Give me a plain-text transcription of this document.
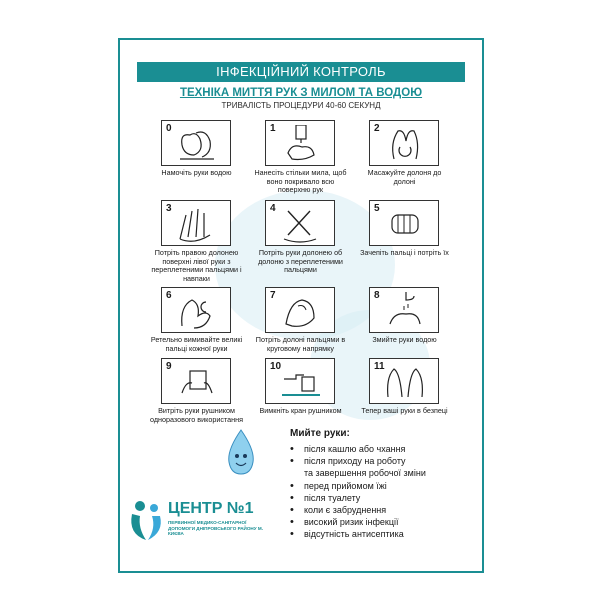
ІНФЕКЦІЙНИЙ КОНТРОЛЬ
ТЕХНІКА МИТТЯ РУК З МИЛОМ ТА ВОДОЮ
ТРИВАЛІСТЬ ПРОЦЕДУРИ 40-60 СЕКУНД
0
Намочіть руки водою
1
Нанесіть стільки мила, щоб воно покривало всю поверхню рук
2
Масажуйте долоня до долоні
3
Потріть правою долонею поверхні лівої руки з переплетеними пальцями і навпаки
4
Потріть руки долонею об долоню з переплетеними пальцями
5
Зачепіть пальці і потріть їх
6
Ретельно вимивайте великі пальці кожної руки
7
Потріть долоні пальцями в круговому напрямку
8
Змийте руки водою
9
Витріть руки рушником одноразового використання
10
Вимкніть кран рушником
11
Тепер ваші руки в безпеці
Мийте руки:
• після кашлю або чхання
• після приходу на роботу
та завершення робочої зміни
• перед прийомом їжі
• після туалету
• коли є забруднення
• високий ризик інфекції
• відсутність антисептика
ЦЕНТР №1
ПЕРВИННОЇ МЕДИКО-САНІТАРНОЇ ДОПОМОГИ ДНІПРОВСЬКОГО РАЙОНУ М. КИЄВА
